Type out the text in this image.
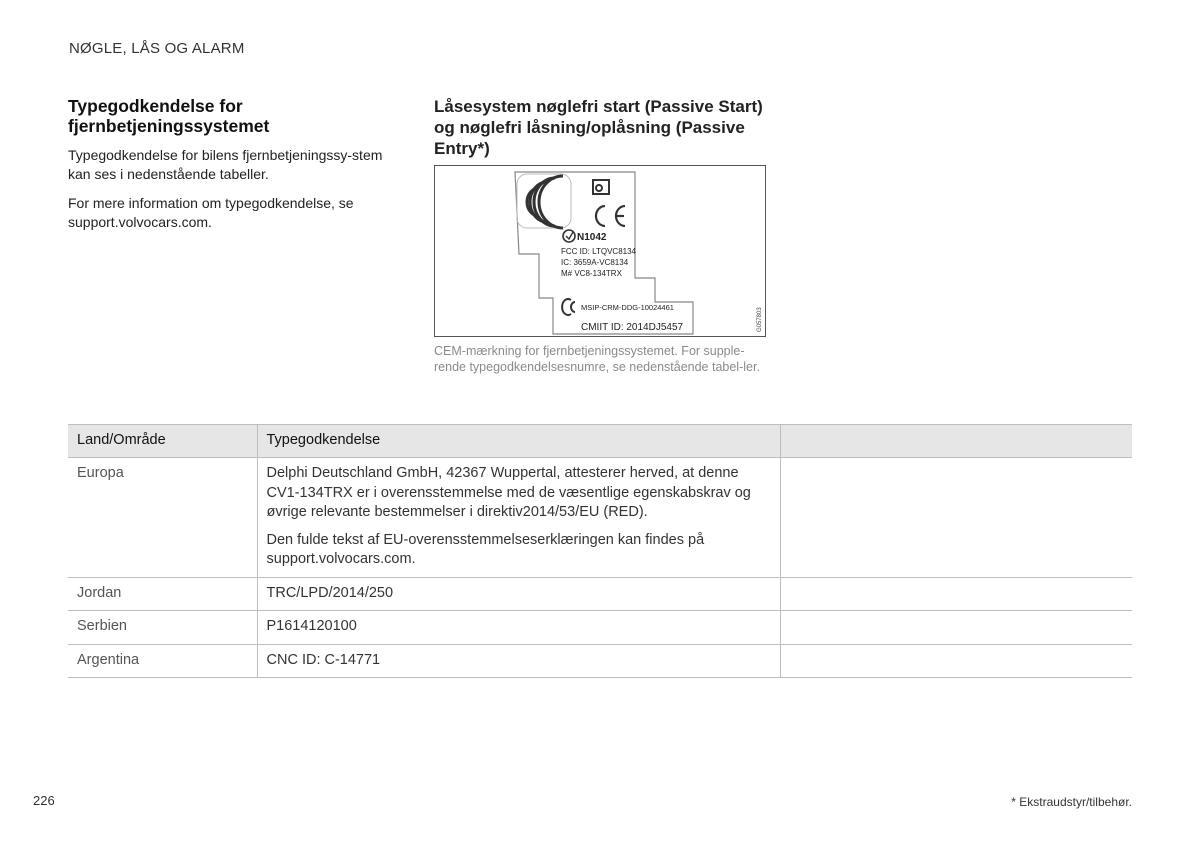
NØGLE, LÅS OG ALARM
Typegodkendelse for fjernbetjeningssystemet

Typegodkendelse for bilens fjernbetjeningssy-stem kan ses i nedenstående tabeller.

For mere information om typegodkendelse, se support.volvocars.com.

Låsesystem nøglefri start (Passive Start) og nøglefri låsning/oplåsning (Passive Entry*)
N1042
FCC ID: LTQVC8134
IC: 3659A-VC8134
M# VC8-134TRX
MSIP-CRM-DDG-10024461
CMIIT ID: 2014DJ5457	G057803
CEM-mærkning for fjernbetjeningssystemet. For supple-rende typegodkendelsesnumre, se nedenstående tabel-ler.
Land/Område	Typegodkendelse	
Europa	Delphi Deutschland GmbH, 42367 Wuppertal, attesterer herved, at denne CV1-134TRX er i overensstemmelse med de væsentlige egenskabskrav og øvrige relevante bestemmelser i direktiv2014/53/EU (RED).

Den fulde tekst af EU-overensstemmelseserklæringen kan findes på support.volvocars.com.	

Jordan	TRC/LPD/2014/250	
Serbien	P1614120100	
Argentina	CNC ID: C-14771	
226	* Ekstraudstyr/tilbehør.
